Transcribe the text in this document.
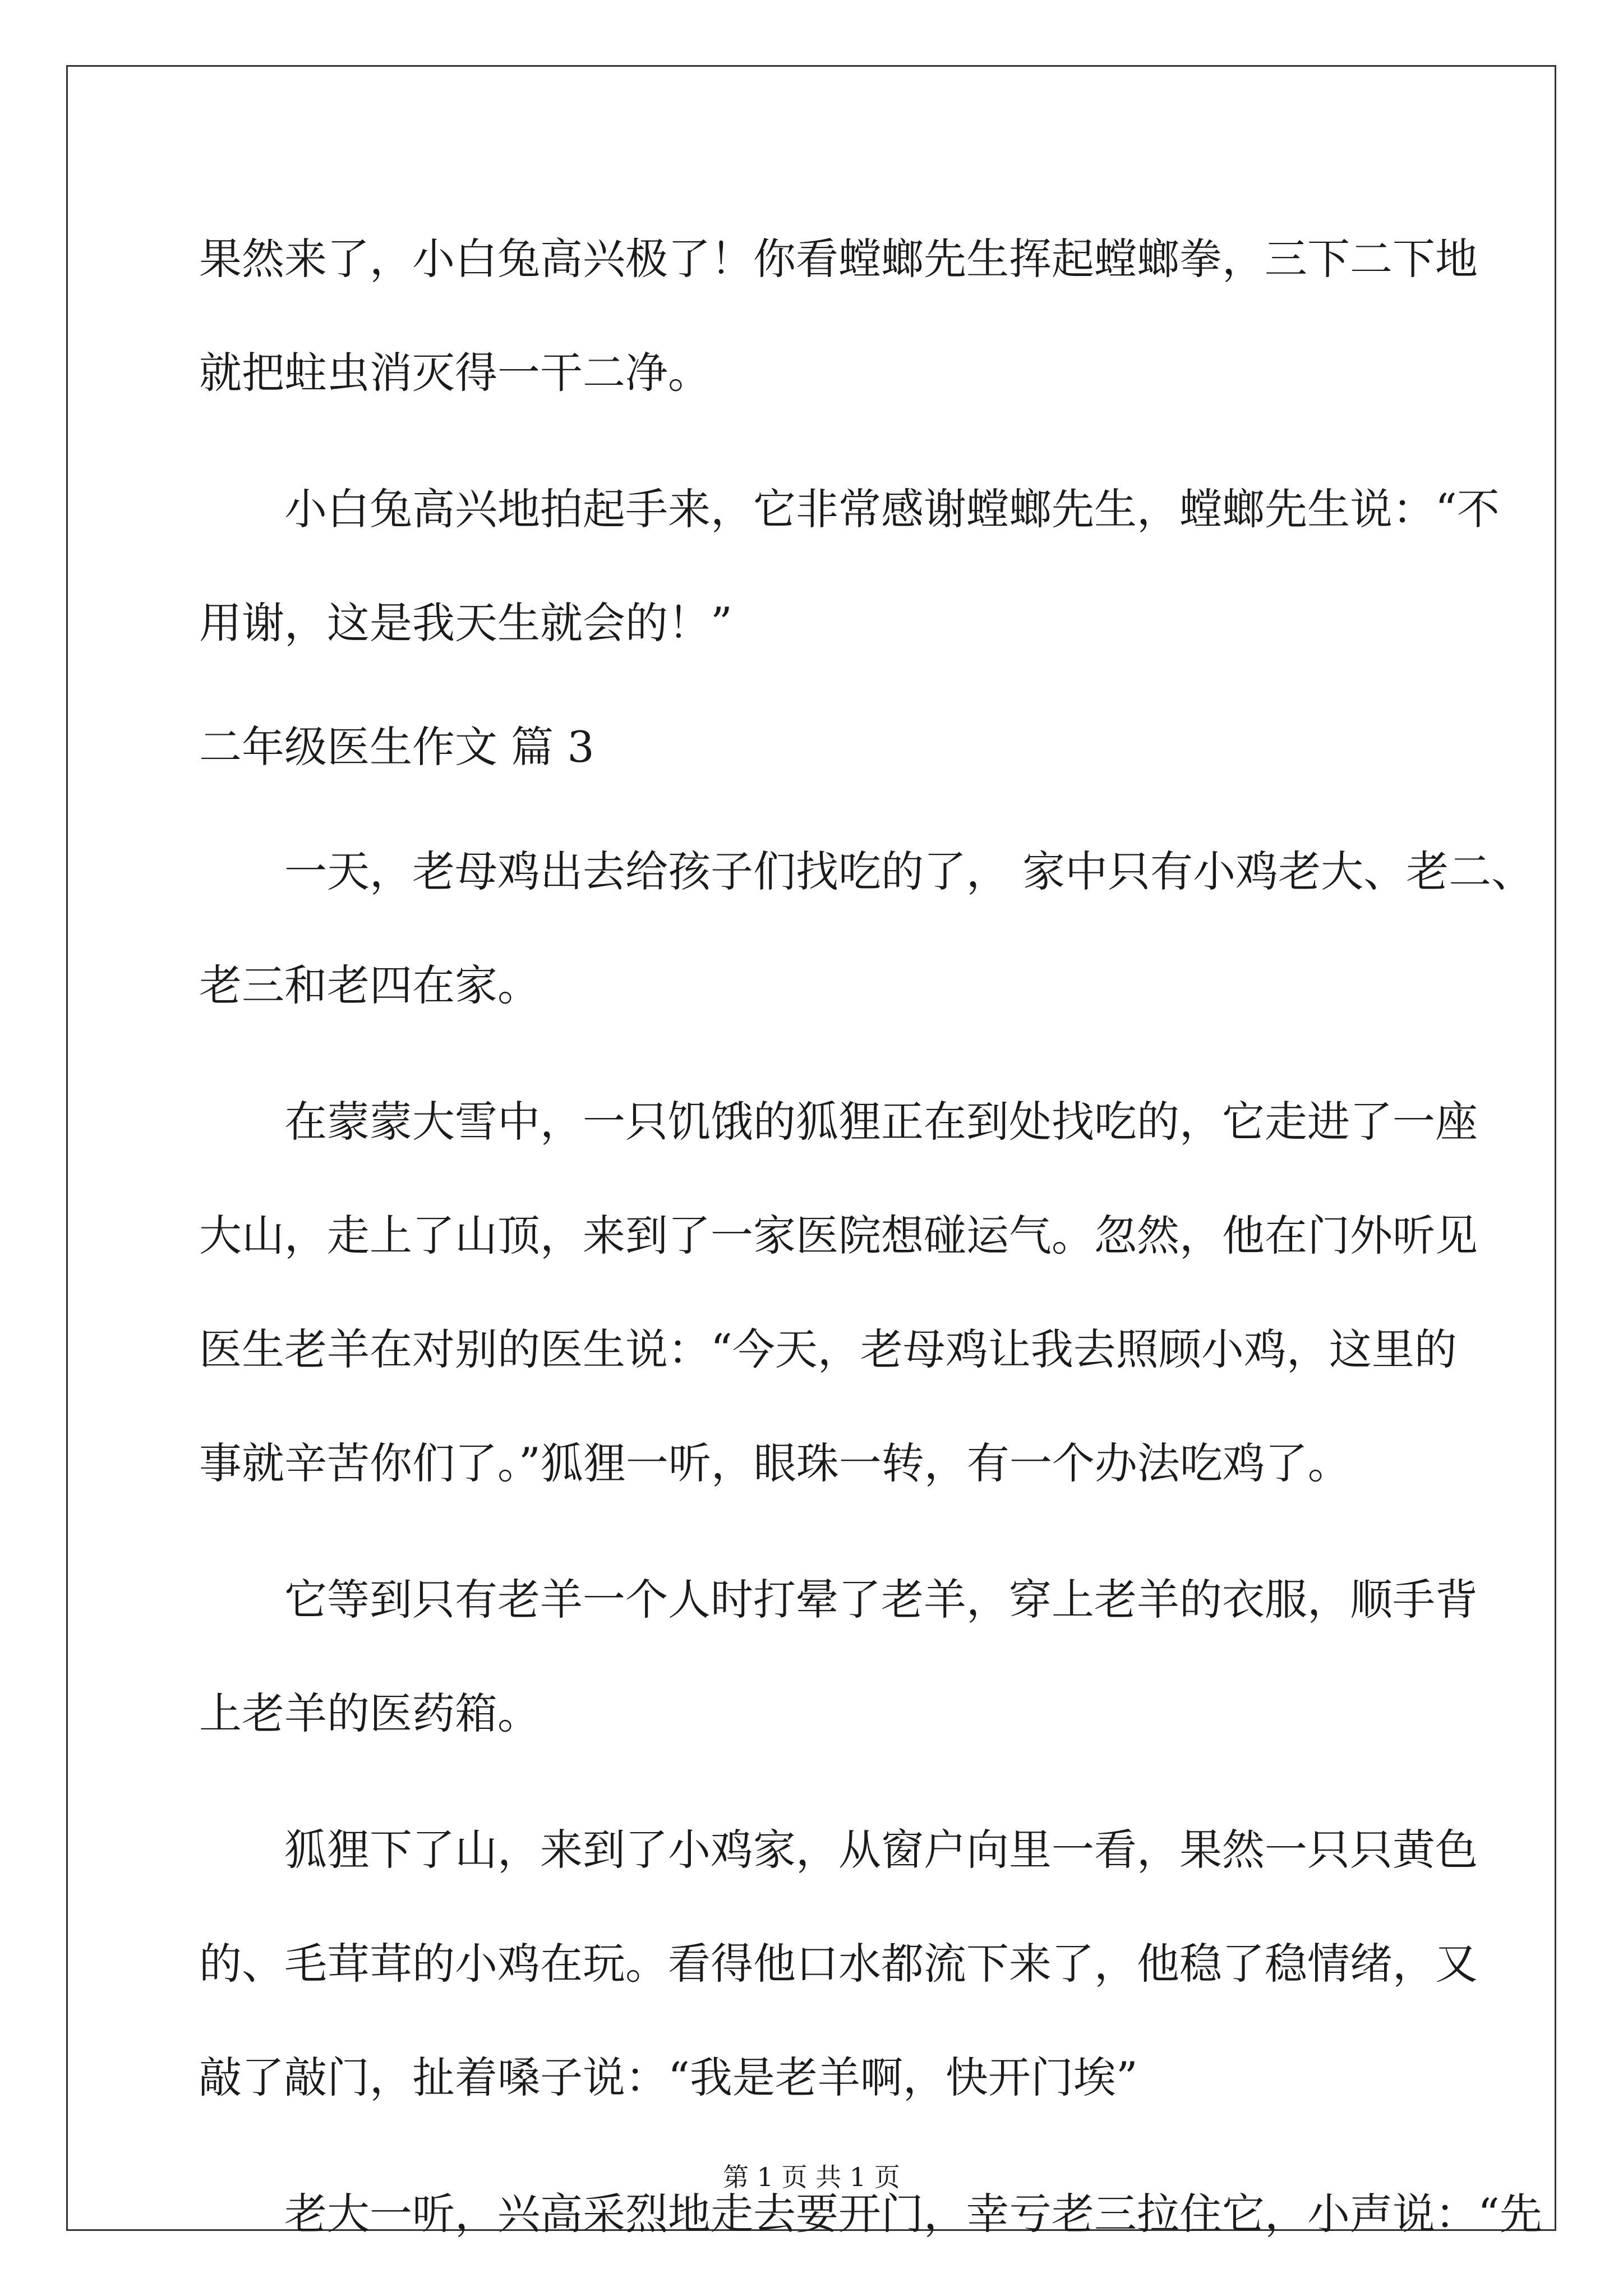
果然来了，小白兔高兴极了！你看螳螂先生挥起螳螂拳，三下二下地
就把蛀虫消灭得一干二净。
小白兔高兴地拍起手来，它非常感谢螳螂先生，螳螂先生说：“不
用谢，这是我天生就会的！”
二年级医生作文 篇 3
一天，老母鸡出去给孩子们找吃的了， 家中只有小鸡老大、老二、
老三和老四在家。
在蒙蒙大雪中，一只饥饿的狐狸正在到处找吃的，它走进了一座
大山，走上了山顶，来到了一家医院想碰运气。忽然，他在门外听见
医生老羊在对别的医生说：“今天，老母鸡让我去照顾小鸡，这里的
事就辛苦你们了。”狐狸一听，眼珠一转，有一个办法吃鸡了。
它等到只有老羊一个人时打晕了老羊，穿上老羊的衣服，顺手背
上老羊的医药箱。
狐狸下了山，来到了小鸡家，从窗户向里一看，果然一只只黄色
的、毛茸茸的小鸡在玩。看得他口水都流下来了，他稳了稳情绪，又
敲了敲门，扯着嗓子说：“我是老羊啊，快开门埃”
老大一听，兴高采烈地走去要开门，幸亏老三拉住它，小声说：“先
第 1 页 共 1 页
